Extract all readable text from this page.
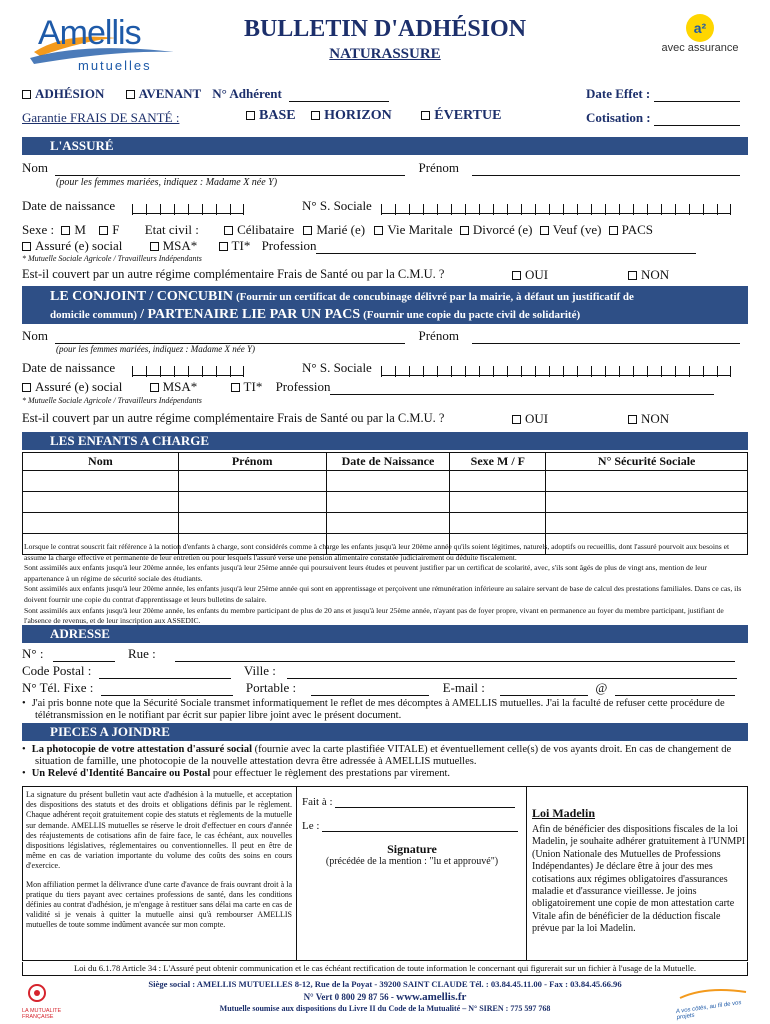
Amellis
mutuelles
BULLETIN D'ADHÉSION
NATURASSURE
a²
avec assurance
ADHÉSION	AVENANT N° Adhérent	Date Effet :
Garantie FRAIS DE SANTÉ :	BASE HORIZON	ÉVERTUE	Cotisation :
L'ASSURÉ
Nom	Prénom
(pour les femmes mariées, indiquez : Madame X née Y)
Date de naissance	N° S. Sociale
Sexe : M F Etat civil :	Célibataire Marié (e) Vie Maritale Divorcé (e) Veuf (ve) PACS
Assuré (e) social	MSA*	TI* Profession
* Mutuelle Sociale Agricole / Travailleurs Indépendants
Est-il couvert par un autre régime complémentaire Frais de Santé ou par la C.M.U. ?	OUI	NON
LE CONJOINT / CONCUBIN (Fournir un certificat de concubinage délivré par la mairie, à défaut un justificatif de
domicile commun) / PARTENAIRE LIE PAR UN PACS (Fournir une copie du pacte civil de solidarité)
Nom	Prénom
(pour les femmes mariées, indiquez : Madame X née Y)
Date de naissance	N° S. Sociale
Assuré (e) social	MSA*	TI* Profession
* Mutuelle Sociale Agricole / Travailleurs Indépendants
Est-il couvert par un autre régime complémentaire Frais de Santé ou par la C.M.U. ?	OUI	NON
LES ENFANTS A CHARGE
Nom	Prénom	Date de Naissance	Sexe M / F	N° Sécurité Sociale

Lorsque le contrat souscrit fait référence à la notion d'enfants à charge, sont considérés comme à charge les enfants jusqu'à leur 20ème année qu'ils soient légitimes, naturels, adoptifs ou recueillis, dont l'assuré pourvoit aux besoins et assume la charge effective et permanente de leur entretien ou pour lesquels l'assuré verse une pension alimentaire constatée judiciairement ou déduite fiscalement.
Sont assimilés aux enfants jusqu'à leur 20ème année, les enfants jusqu'à leur 25ème année qui poursuivent leurs études et peuvent justifier par un certificat de scolarité, avec, s'ils sont âgés de plus de vingt ans, mention de leur appartenance à un régime de sécurité sociale des étudiants.
Sont assimilés aux enfants jusqu'à leur 20ème année, les enfants jusqu'à leur 25ème année qui sont en apprentissage et perçoivent une rémunération inférieure au salaire servant de base de calcul des prestations familiales. Dans ce cas, ils doivent fournir une copie du contrat d'apprentissage et leurs bulletins de salaire.
Sont assimilés aux enfants jusqu'à leur 20ème année, les enfants du membre participant de plus de 20 ans et jusqu'à leur 25ème année, n'ayant pas de foyer propre, vivant en permanence au foyer du membre participant, justifiant de l'absence de revenus, et de leur inscription aux ASSEDIC.
ADRESSE
N° :	Rue :
Code Postal :	Ville :
N° Tél. Fixe :	Portable :	E-mail :	@
• J'ai pris bonne note que la Sécurité Sociale transmet informatiquement le reflet de mes décomptes à AMELLIS mutuelles. J'ai la faculté de refuser cette procédure de télétransmission en le notifiant par écrit sur papier libre joint avec le présent document.
PIECES A JOINDRE
• La photocopie de votre attestation d'assuré social (fournie avec la carte plastifiée VITALE) et éventuellement celle(s) de vos ayants droit. En cas de changement de situation de famille, une photocopie de la nouvelle attestation devra être adressée à AMELLIS mutuelles.
• Un Relevé d'Identité Bancaire ou Postal pour effectuer le règlement des prestations par virement.
La signature du présent bulletin vaut acte d'adhésion à la mutuelle, et acceptation des dispositions des statuts et des droits et obligations définis par le règlement. Chaque adhérent reçoit gratuitement copie des statuts et règlements de la mutuelle sur demande. AMELLIS mutuelles se réserve le droit d'effectuer en cours d'année des réajustements de cotisations afin de faire face, le cas échéant, aux nouvelles dispositions législatives, réglementaires ou conventionnelles. Il peut en être de même en cas de variation importante du volume des coûts des soins en cours d'exercice.
Mon affiliation permet la délivrance d'une carte d'avance de frais ouvrant droit à la pratique du tiers payant avec certaines professions de santé, dans les conditions définies au contrat d'adhésion, je m'engage à restituer sans délai ma carte en cas de validité si je venais à quitter la mutuelle ainsi qu'à rembourser AMELLIS mutuelles de toute somme indûment avancée sur mon compte.
Fait à :
Le :
Signature
(précédée de la mention : "lu et approuvé")
Loi Madelin
Afin de bénéficier des dispositions fiscales de la loi Madelin, je souhaite adhérer gratuitement à l'UNMPI (Union Nationale des Mutuelles de Professions Indépendantes) Je déclare être à jour des mes cotisations aux régimes obligatoires d'assurances maladie et d'assurance vieillesse. Je joins obligatoirement une copie de mon attestation carte Vitale afin de bénéficier de la déduction fiscale prévue par la loi Madelin.
Loi du 6.1.78 Article 34 : L'Assuré peut obtenir communication et le cas échéant rectification de toute information le concernant qui figurerait sur un fichier à l'usage de la Mutuelle.
LA MUTUALITE FRANÇAISE
Siège social : AMELLIS MUTUELLES 8-12, Rue de la Poyat - 39200 SAINT CLAUDE Tél. : 03.84.45.11.00 - Fax : 03.84.45.66.96
N° Vert 0 800 29 87 56 - www.amellis.fr
Mutuelle soumise aux dispositions du Livre II du Code de la Mutualité – N° SIREN : 775 597 768	A vos côtés, au fil de vos projets
